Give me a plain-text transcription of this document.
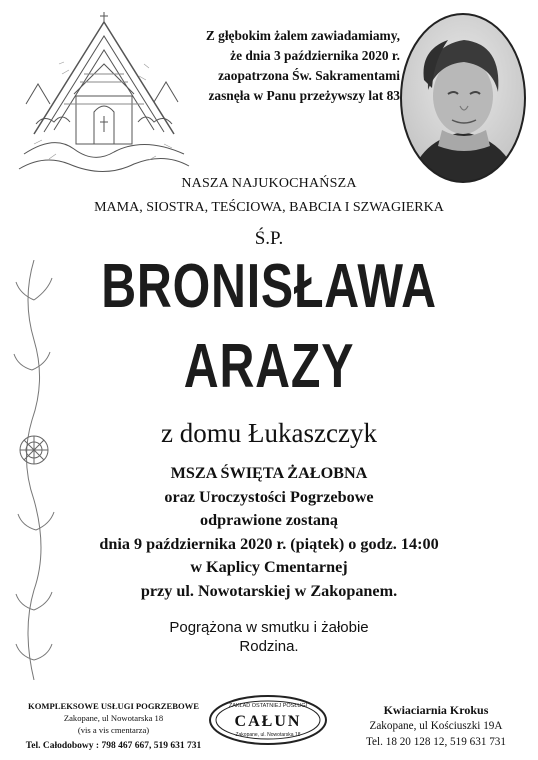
Z głębokim żalem zawiadamiamy,
że dnia 3 października 2020 r.
zaopatrzona Św. Sakramentami
zasnęła w Panu przeżywszy lat 83
NASZA NAJUKOCHAŃSZA
MAMA, SIOSTRA, TEŚCIOWA, BABCIA I SZWAGIERKA
Ś.P.
BRONISŁAWA
ARAZY
z domu Łukaszczyk
MSZA ŚWIĘTA ŻAŁOBNA
oraz Uroczystości Pogrzebowe
odprawione zostaną
dnia 9 października 2020 r. (piątek) o godz. 14:00
w Kaplicy Cmentarnej
przy ul. Nowotarskiej w Zakopanem.
Pogrążona w smutku i żałobie
Rodzina.
KOMPLEKSOWE USŁUGI POGRZEBOWE
Zakopane, ul Nowotarska 18
(vis a vis cmentarza)
Tel. Całodobowy : 798 467 667, 519 631 731
ZAKŁAD OSTATNIEJ POSŁUGI
CAŁUN
Zakopane, ul. Nowotarska 18
Kwiaciarnia Krokus
Zakopane, ul Kościuszki 19A
Tel. 18 20 128 12, 519 631 731
